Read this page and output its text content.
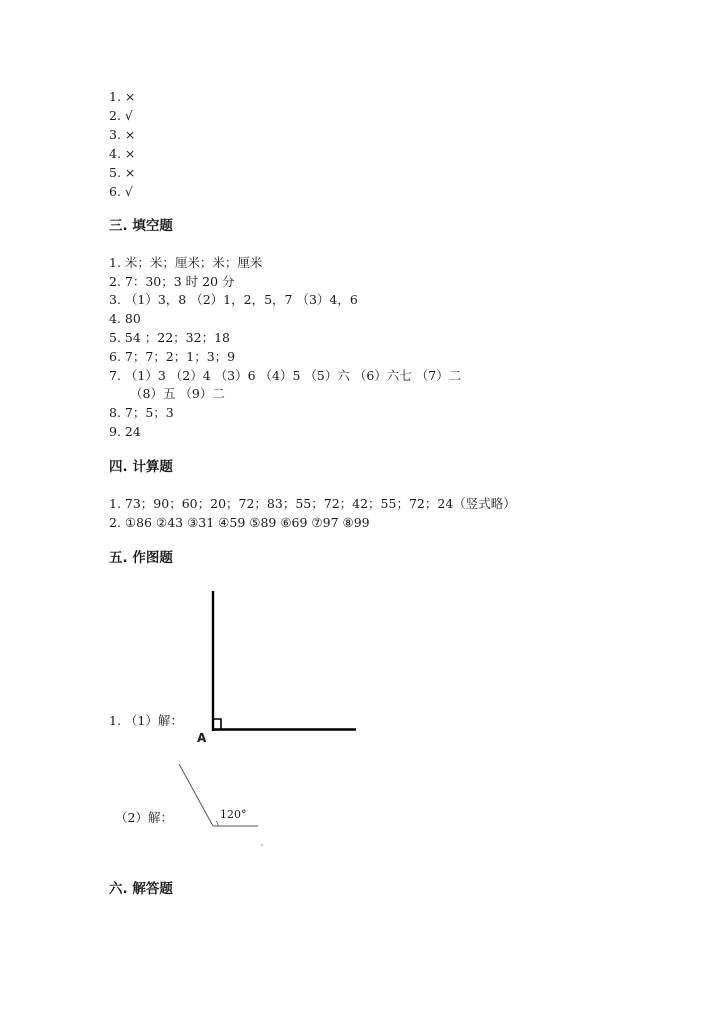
1. ×
2. √
3. ×
4. ×
5. ×
6. √
三. 填空题
1. 米；米；厘米；米；厘米
2. 7：30；3 时 20 分
3. （1）3，8 （2）1，2，5，7 （3）4，6
4. 80
5. 54 ；22；32；18
6. 7；7；2；1；3；9
7. （1）3 （2）4 （3）6 （4）5 （5）六 （6）六七 （7）二
（8）五 （9）二
8. 7；5；3
9. 24
四. 计算题
1. 73；90；60；20；72；83；55；72；42；55；72；24（竖式略）
2. ①86 ②43 ③31 ④59 ⑤89 ⑥69 ⑦97 ⑧99
五. 作图题
1. （1）解：
A
（2）解：	120°
六. 解答题
